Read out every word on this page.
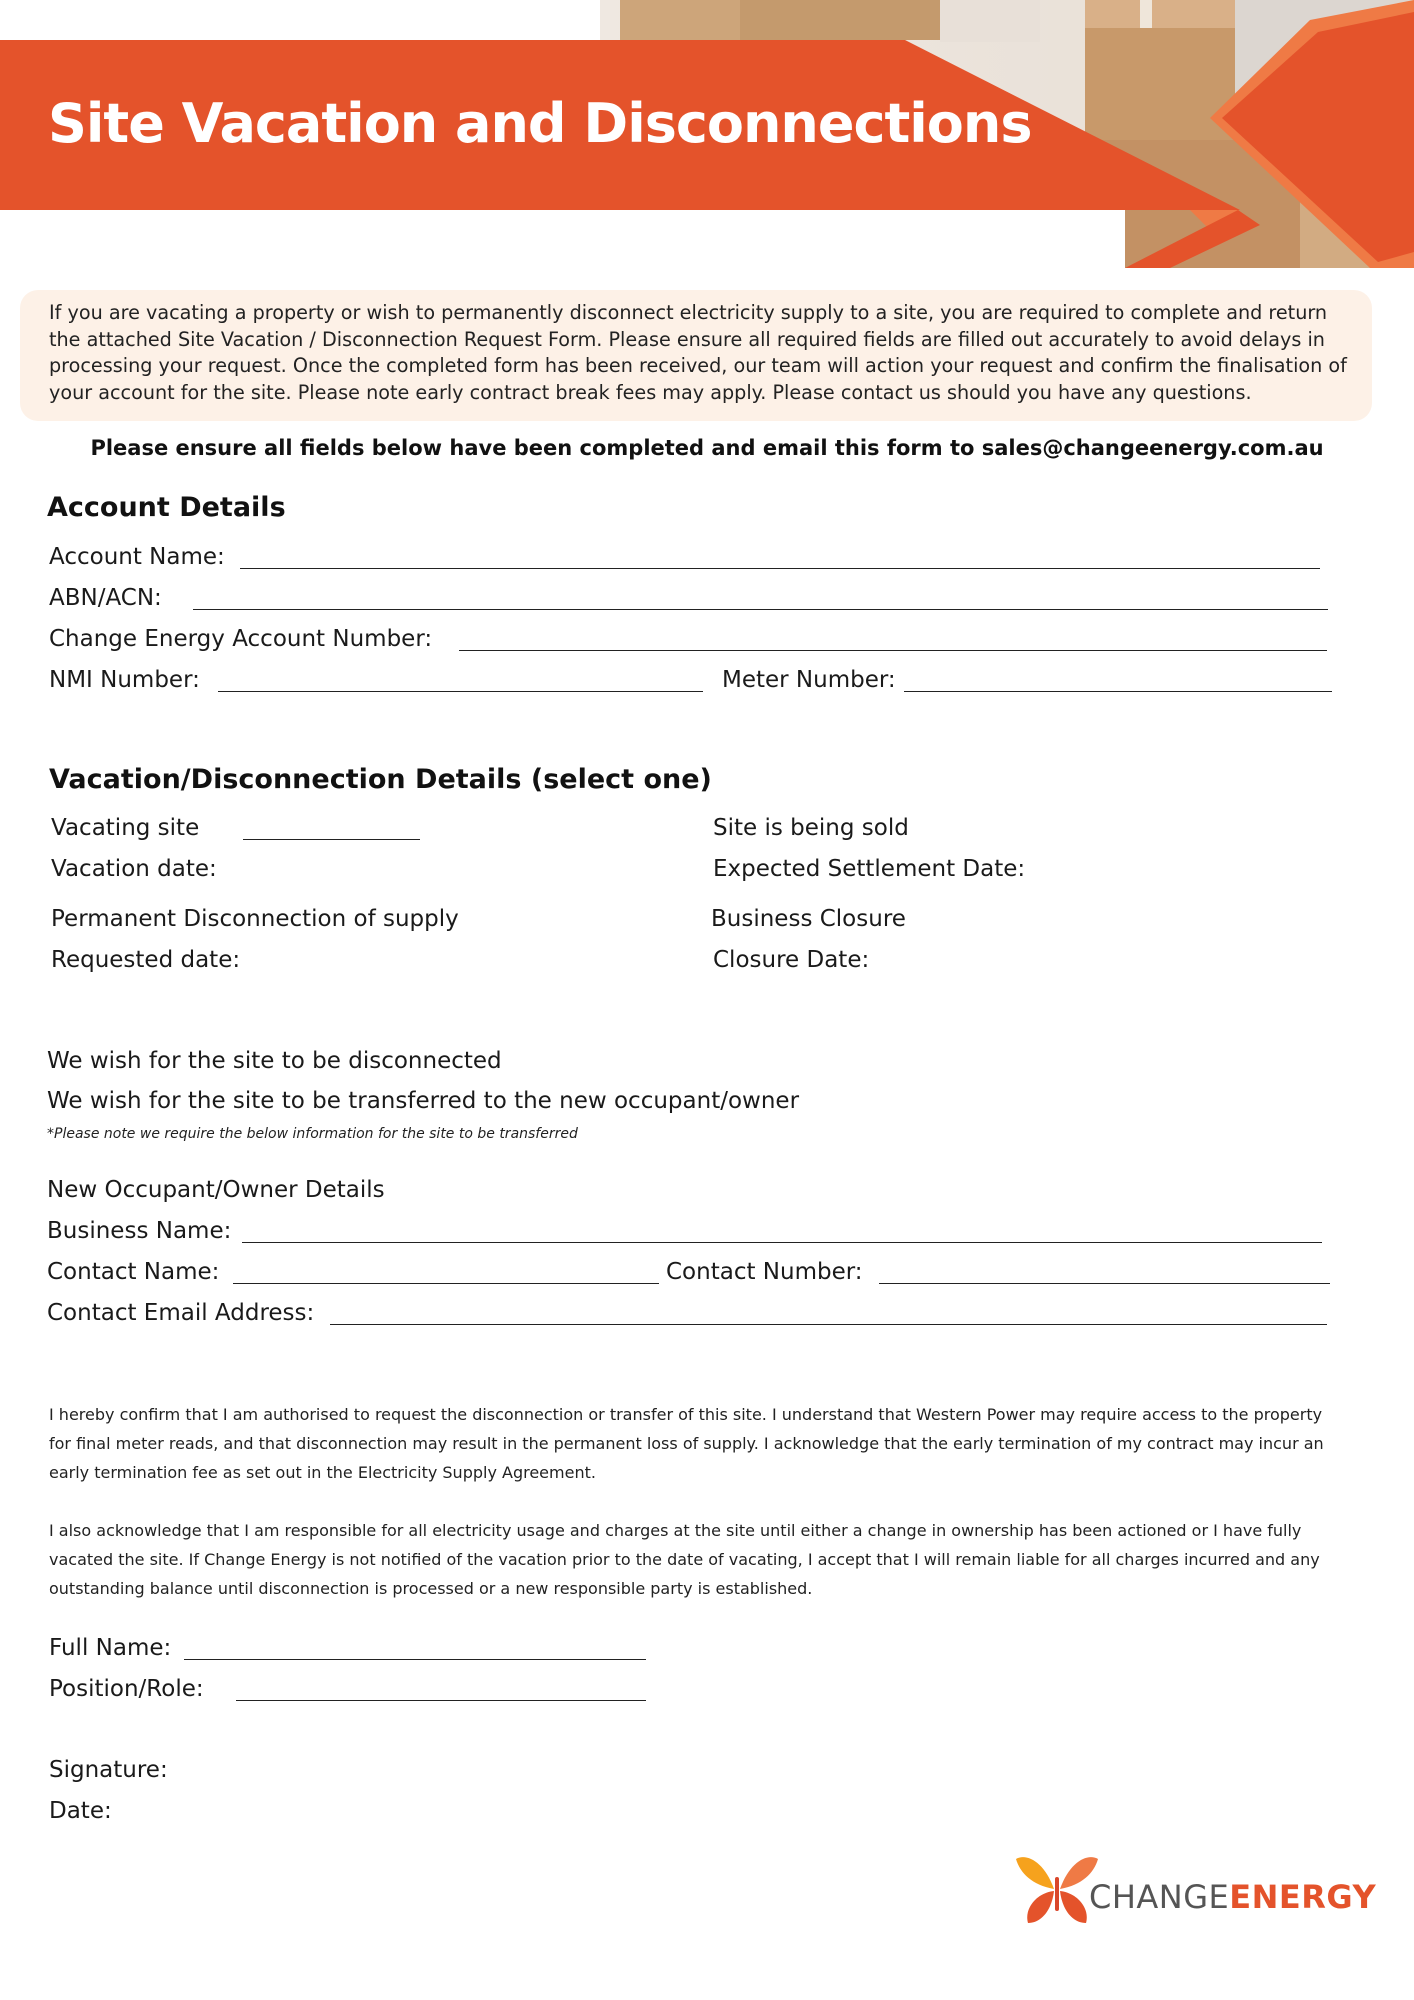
Site Vacation and Disconnections
If you are vacating a property or wish to permanently disconnect electricity supply to a site, you are required to complete and return the attached Site Vacation / Disconnection Request Form. Please ensure all required fields are filled out accurately to avoid delays in processing your request. Once the completed form has been received, our team will action your request and confirm the finalisation of your account for the site. Please note early contract break fees may apply. Please contact us should you have any questions.
Please ensure all fields below have been completed and email this form to sales@changeenergy.com.au
Account Details
Account Name:
ABN/ACN:
Change Energy Account Number:
NMI Number:	Meter Number:
Vacation/Disconnection Details (select one)
Vacating site
Vacation date:
Site is being sold
Expected Settlement Date:
Permanent Disconnection of supply
Requested date:
Business Closure
Closure Date:
We wish for the site to be disconnected
We wish for the site to be transferred to the new occupant/owner
*Please note we require the below information for the site to be transferred
New Occupant/Owner Details
Business Name:
Contact Name:	Contact Number:
Contact Email Address:
I hereby confirm that I am authorised to request the disconnection or transfer of this site. I understand that Western Power may require access to the property for final meter reads, and that disconnection may result in the permanent loss of supply. I acknowledge that the early termination of my contract may incur an early termination fee as set out in the Electricity Supply Agreement.
I also acknowledge that I am responsible for all electricity usage and charges at the site until either a change in ownership has been actioned or I have fully vacated the site. If Change Energy is not notified of the vacation prior to the date of vacating, I accept that I will remain liable for all charges incurred and any outstanding balance until disconnection is processed or a new responsible party is established.
Full Name:
Position/Role:
Signature:
Date:
CHANGEENERGY
